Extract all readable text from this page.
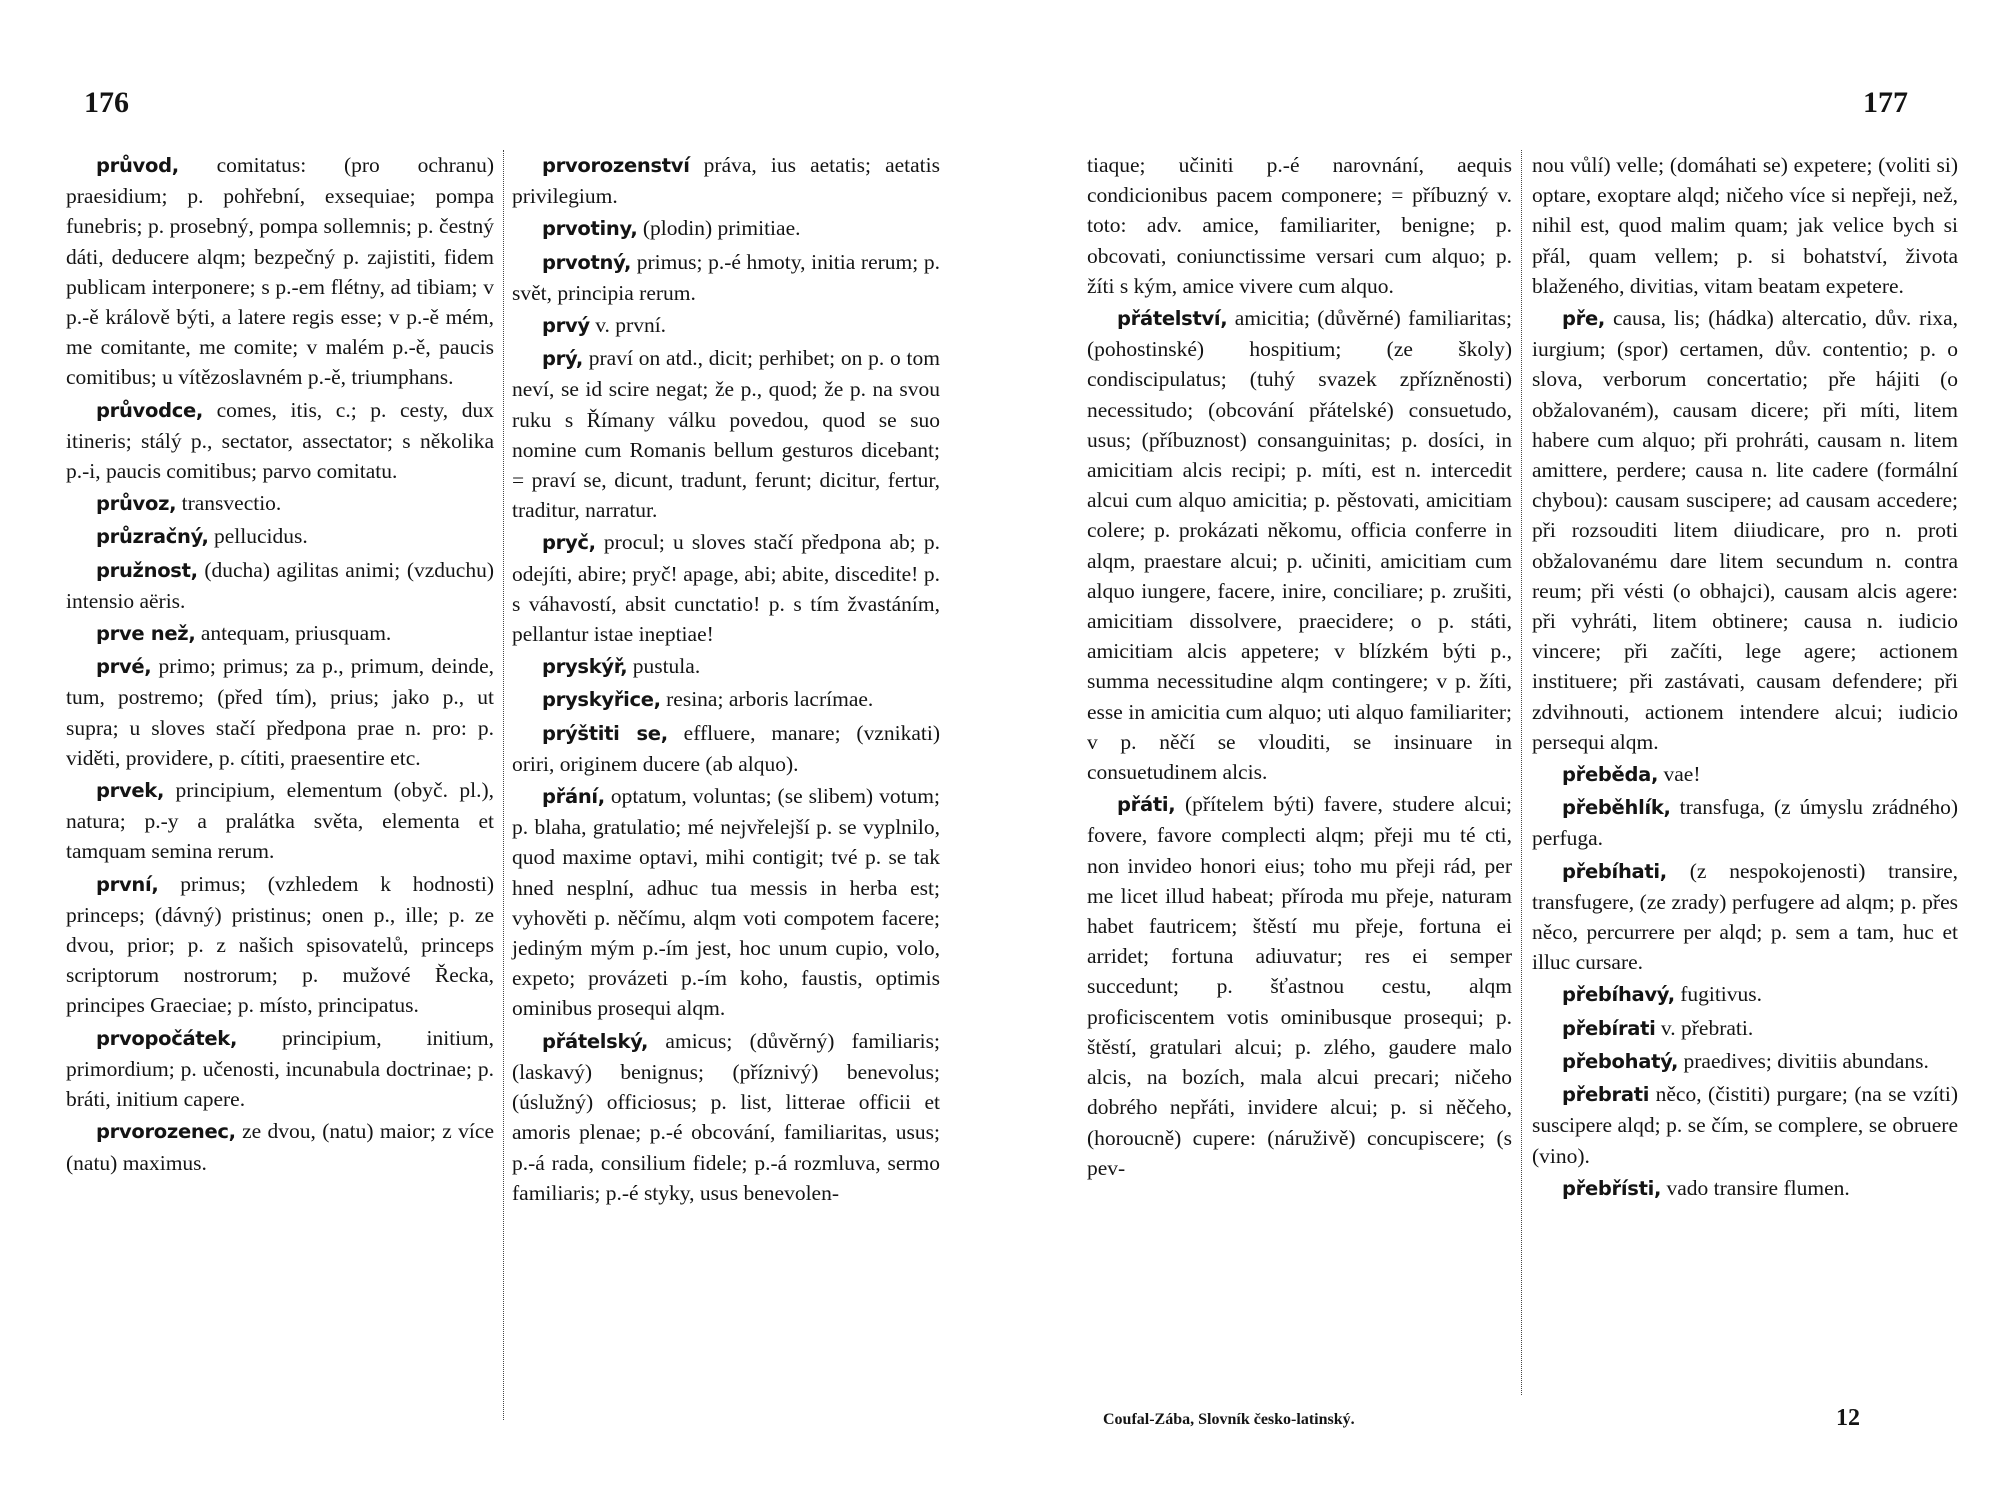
176	177

průvod, comitatus: (pro ochranu) praesidium; p. pohřební, exsequiae; pompa funebris; p. prosebný, pompa sollemnis; p. čestný dáti, deducere alqm; bezpečný p. zajistiti, fidem publicam interponere; s p.-em flétny, ad tibiam; v p.-ě králově býti, a latere regis esse; v p.-ě mém, me comitante, me comite; v malém p.-ě, paucis comitibus; u vítězoslavném p.-ě, triumphans.

průvodce, comes, itis, c.; p. cesty, dux itineris; stálý p., sectator, assectator; s několika p.-i, paucis comitibus; parvo comitatu.

průvoz, transvectio.

průzračný, pellucidus.

pružnost, (ducha) agilitas animi; (vzduchu) intensio aëris.

prve než, antequam, priusquam.

prvé, primo; primus; za p., primum, deinde, tum, postremo; (před tím), prius; jako p., ut supra; u sloves stačí předpona prae n. pro: p. viděti, providere, p. cítiti, praesentire etc.

prvek, principium, elementum (obyč. pl.), natura; p.-y a pralátka světa, elementa et tamquam semina rerum.

první, primus; (vzhledem k hodnosti) princeps; (dávný) pristinus; onen p., ille; p. ze dvou, prior; p. z našich spisovatelů, princeps scriptorum nostrorum; p. mužové Řecka, principes Graeciae; p. místo, principatus.

prvopočátek, principium, initium, primordium; p. učenosti, incunabula doctrinae; p. bráti, initium capere.

prvorozenec, ze dvou, (natu) maior; z více (natu) maximus.

prvorozenství práva, ius aetatis; aetatis privilegium.

prvotiny, (plodin) primitiae.

prvotný, primus; p.-é hmoty, initia rerum; p. svět, principia rerum.

prvý v. první.

prý, praví on atd., dicit; perhibet; on p. o tom neví, se id scire negat; že p., quod; že p. na svou ruku s Římany válku povedou, quod se suo nomine cum Romanis bellum gesturos dicebant; = praví se, dicunt, tradunt, ferunt; dicitur, fertur, traditur, narratur.

pryč, procul; u sloves stačí předpona ab; p. odejíti, abire; pryč! apage, abi; abite, discedite! p. s váhavostí, absit cunctatio! p. s tím žvastáním, pellantur istae ineptiae!

pryskýř, pustula.

pryskyřice, resina; arboris lacrímae.

prýštiti se, effluere, manare; (vznikati) oriri, originem ducere (ab alquo).

přání, optatum, voluntas; (se slibem) votum; p. blaha, gratulatio; mé nejvřelejší p. se vyplnilo, quod maxime optavi, mihi contigit; tvé p. se tak hned nesplní, adhuc tua messis in herba est; vyhověti p. něčímu, alqm voti compotem facere; jediným mým p.-ím jest, hoc unum cupio, volo, expeto; provázeti p.-ím koho, faustis, optimis ominibus prosequi alqm.

přátelský, amicus; (důvěrný) familiaris; (laskavý) benignus; (příznivý) benevolus; (úslužný) officiosus; p. list, litterae officii et amoris plenae; p.-é obcování, familiaritas, usus; p.-á rada, consilium fidele; p.-á rozmluva, sermo familiaris; p.-é styky, usus benevolen-

tiaque; učiniti p.-é narovnání, aequis condicionibus pacem componere; = příbuzný v. toto: adv. amice, familiariter, benigne; p. obcovati, coniunctissime versari cum alquo; p. žíti s kým, amice vivere cum alquo.

přátelství, amicitia; (důvěrné) familiaritas; (pohostinské) hospitium; (ze školy) condiscipulatus; (tuhý svazek zpřízněnosti) necessitudo; (obcování přátelské) consuetudo, usus; (příbuznost) consanguinitas; p. dosíci, in amicitiam alcis recipi; p. míti, est n. intercedit alcui cum alquo amicitia; p. pěstovati, amicitiam colere; p. prokázati někomu, officia conferre in alqm, praestare alcui; p. učiniti, amicitiam cum alquo iungere, facere, inire, conciliare; p. zrušiti, amicitiam dissolvere, praecidere; o p. státi, amicitiam alcis appetere; v blízkém býti p., summa necessitudine alqm contingere; v p. žíti, esse in amicitia cum alquo; uti alquo familiariter; v p. něčí se vlouditi, se insinuare in consuetudinem alcis.

přáti, (přítelem býti) favere, studere alcui; fovere, favore complecti alqm; přeji mu té cti, non invideo honori eius; toho mu přeji rád, per me licet illud habeat; příroda mu přeje, naturam habet fautricem; štěstí mu přeje, fortuna ei arridet; fortuna adiuvatur; res ei semper succedunt; p. šťastnou cestu, alqm proficiscentem votis ominibusque prosequi; p. štěstí, gratulari alcui; p. zlého, gaudere malo alcis, na bozích, mala alcui precari; ničeho dobrého nepřáti, invidere alcui; p. si něčeho, (horoucně) cupere: (náruživě) concupiscere; (s pev-

nou vůlí) velle; (domáhati se) expetere; (voliti si) optare, exoptare alqd; ničeho více si nepřeji, než, nihil est, quod malim quam; jak velice bych si přál, quam vellem; p. si bohatství, života blaženého, divitias, vitam beatam expetere.

pře, causa, lis; (hádka) altercatio, dův. rixa, iurgium; (spor) certamen, dův. contentio; p. o slova, verborum concertatio; pře hájiti (o obžalovaném), causam dicere; při míti, litem habere cum alquo; při prohráti, causam n. litem amittere, perdere; causa n. lite cadere (formální chybou): causam suscipere; ad causam accedere; při rozsouditi litem diiudicare, pro n. proti obžalovanému dare litem secundum n. contra reum; při vésti (o obhajci), causam alcis agere: při vyhráti, litem obtinere; causa n. iudicio vincere; při začíti, lege agere; actionem instituere; při zastávati, causam defendere; při zdvihnouti, actionem intendere alcui; iudicio persequi alqm.

přeběda, vae!

přeběhlík, transfuga, (z úmyslu zrádného) perfuga.

přebíhati, (z nespokojenosti) transire, transfugere, (ze zrady) perfugere ad alqm; p. přes něco, percurrere per alqd; p. sem a tam, huc et illuc cursare.

přebíhavý, fugitivus.

přebírati v. přebrati.

přebohatý, praedives; divitiis abundans.

přebrati něco, (čistiti) purgare; (na se vzíti) suscipere alqd; p. se čím, se complere, se obruere (vino).

přebřísti, vado transire flumen.

Coufal-Zába, Slovník česko-latinský.	12
